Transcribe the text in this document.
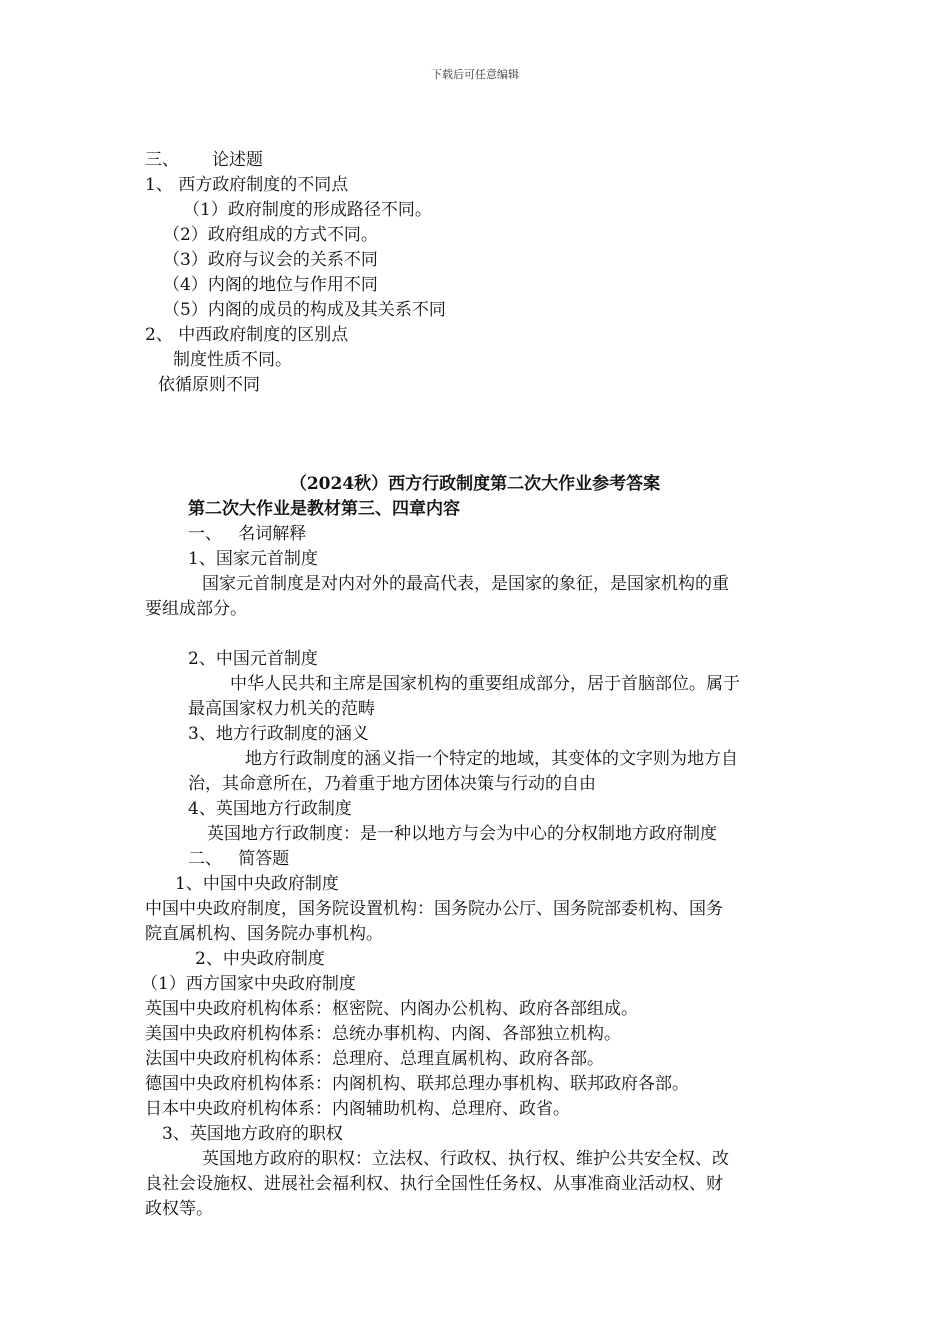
下载后可任意编辑
三、 论述题
1、 西方政府制度的不同点
（1）政府制度的形成路径不同。
（2）政府组成的方式不同。
（3）政府与议会的关系不同
（4）内阁的地位与作用不同
（5）内阁的成员的构成及其关系不同
2、 中西政府制度的区别点
制度性质不同。
依循原则不同
（2024秋）西方行政制度第二次大作业参考答案
第二次大作业是教材第三、四章内容
一、   名词解释
1、国家元首制度
国家元首制度是对内对外的最高代表，是国家的象征，是国家机构的重
要组成部分。
2、中国元首制度
中华人民共和主席是国家机构的重要组成部分，居于首脑部位。属于
最高国家权力机关的范畴
3、地方行政制度的涵义
地方行政制度的涵义指一个特定的地域，其变体的文字则为地方自
治，其命意所在，乃着重于地方团体决策与行动的自由
4、英国地方行政制度
英国地方行政制度：是一种以地方与会为中心的分权制地方政府制度
二、   简答题
1、中国中央政府制度
中国中央政府制度，国务院设置机构：国务院办公厅、国务院部委机构、国务
院直属机构、国务院办事机构。
2、中央政府制度
（1）西方国家中央政府制度
英国中央政府机构体系：枢密院、内阁办公机构、政府各部组成。
美国中央政府机构体系：总统办事机构、内阁、各部独立机构。
法国中央政府机构体系：总理府、总理直属机构、政府各部。
德国中央政府机构体系：内阁机构、联邦总理办事机构、联邦政府各部。
日本中央政府机构体系：内阁辅助机构、总理府、政省。
3、英国地方政府的职权
英国地方政府的职权：立法权、行政权、执行权、维护公共安全权、改
良社会设施权、进展社会福利权、执行全国性任务权、从事准商业活动权、财
政权等。
